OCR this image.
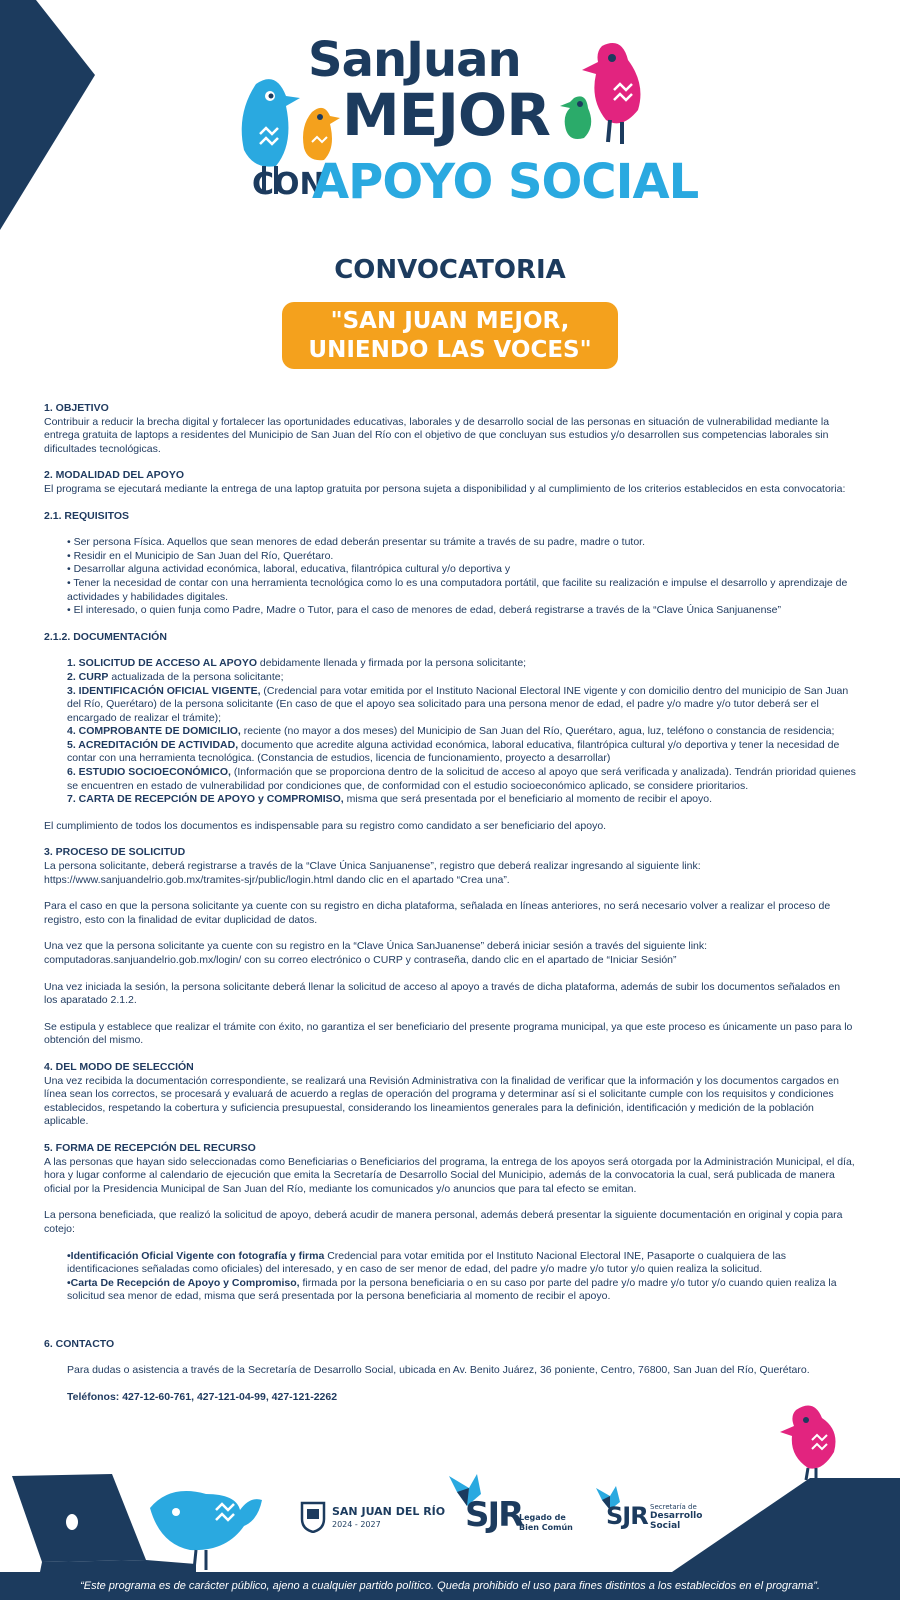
SanJuan
MEJOR
CON
APOYO SOCIAL
CONVOCATORIA
"SAN JUAN MEJOR,
UNIENDO LAS VOCES"

1. OBJETIVO

Contribuir a reducir la brecha digital y fortalecer las oportunidades educativas, laborales y de desarrollo social de las personas en situación de vulnerabilidad mediante la entrega gratuita de laptops a residentes del Municipio de San Juan del Río con el objetivo de que concluyan sus estudios y/o desarrollen sus competencias laborales sin dificultades tecnológicas.

2. MODALIDAD DEL APOYO

El programa se ejecutará mediante la entrega de una laptop gratuita por persona sujeta a disponibilidad y al cumplimiento de los criterios establecidos en esta convocatoria:

2.1. REQUISITOS

• Ser persona Física. Aquellos que sean menores de edad deberán presentar su trámite a través de su padre, madre o tutor.

• Residir en el Municipio de San Juan del Río, Querétaro.

• Desarrollar alguna actividad económica, laboral, educativa, filantrópica cultural y/o deportiva y

• Tener la necesidad de contar con una herramienta tecnológica como lo es una computadora portátil, que facilite su realización e impulse el desarrollo y aprendizaje de actividades y habilidades digitales.

• El interesado, o quien funja como Padre, Madre o Tutor, para el caso de menores de edad, deberá registrarse a través de la “Clave Única Sanjuanense”

2.1.2. DOCUMENTACIÓN

1. SOLICITUD DE ACCESO AL APOYO debidamente llenada y firmada por la persona solicitante;

2. CURP actualizada de la persona solicitante;

3. IDENTIFICACIÓN OFICIAL VIGENTE, (Credencial para votar emitida por el Instituto Nacional Electoral INE vigente y con domicilio dentro del municipio de San Juan del Río, Querétaro) de la persona solicitante (En caso de que el apoyo sea solicitado para una persona menor de edad, el padre y/o madre y/o tutor deberá ser el encargado de realizar el trámite);

4. COMPROBANTE DE DOMICILIO, reciente (no mayor a dos meses) del Municipio de San Juan del Río, Querétaro, agua, luz, teléfono o constancia de residencia;

5. ACREDITACIÓN DE ACTIVIDAD, documento que acredite alguna actividad económica, laboral educativa, filantrópica cultural y/o deportiva y tener la necesidad de contar con una herramienta tecnológica. (Constancia de estudios, licencia de funcionamiento, proyecto a desarrollar)

6. ESTUDIO SOCIOECONÓMICO, (Información que se proporciona dentro de la solicitud de acceso al apoyo que será verificada y analizada). Tendrán prioridad quienes se encuentren en estado de vulnerabilidad por condiciones que, de conformidad con el estudio socioeconómico aplicado, se considere prioritarios.

7. CARTA DE RECEPCIÓN DE APOYO y COMPROMISO, misma que será presentada por el beneficiario al momento de recibir el apoyo.

El cumplimiento de todos los documentos es indispensable para su registro como candidato a ser beneficiario del apoyo.

3. PROCESO DE SOLICITUD

La persona solicitante, deberá registrarse a través de la “Clave Única Sanjuanense”, registro que deberá realizar ingresando al siguiente link:

https://www.sanjuandelrio.gob.mx/tramites-sjr/public/login.html dando clic en el apartado “Crea una”.

Para el caso en que la persona solicitante ya cuente con su registro en dicha plataforma, señalada en líneas anteriores, no será necesario volver a realizar el proceso de registro, esto con la finalidad de evitar duplicidad de datos.

Una vez que la persona solicitante ya cuente con su registro en la “Clave Única SanJuanense” deberá iniciar sesión a través del siguiente link:

computadoras.sanjuandelrio.gob.mx/login/ con su correo electrónico o CURP y contraseña, dando clic en el apartado de “Iniciar Sesión”

Una vez iniciada la sesión, la persona solicitante deberá llenar la solicitud de acceso al apoyo a través de dicha plataforma, además de subir los documentos señalados en los aparatado 2.1.2.

Se estipula y establece que realizar el trámite con éxito, no garantiza el ser beneficiario del presente programa municipal, ya que este proceso es únicamente un paso para lo obtención del mismo.

4. DEL MODO DE SELECCIÓN

Una vez recibida la documentación correspondiente, se realizará una Revisión Administrativa con la finalidad de verificar que la información y los documentos cargados en línea sean los correctos, se procesará y evaluará de acuerdo a reglas de operación del programa y determinar así si el solicitante cumple con los requisitos y condiciones establecidos, respetando la cobertura y suficiencia presupuestal, considerando los lineamientos generales para la definición, identificación y medición de la población aplicable.

5. FORMA DE RECEPCIÓN DEL RECURSO

A las personas que hayan sido seleccionadas como Beneficiarias o Beneficiarios del programa, la entrega de los apoyos será otorgada por la Administración Municipal, el día, hora y lugar conforme al calendario de ejecución que emita la Secretaría de Desarrollo Social del Municipio, además de la convocatoria la cual, será publicada de manera oficial por la Presidencia Municipal de San Juan del Río, mediante los comunicados y/o anuncios que para tal efecto se emitan.

La persona beneficiada, que realizó la solicitud de apoyo, deberá acudir de manera personal, además deberá presentar la siguiente documentación en original y copia para cotejo:

•Identificación Oficial Vigente con fotografía y firma Credencial para votar emitida por el Instituto Nacional Electoral INE, Pasaporte o cualquiera de las identificaciones señaladas como oficiales) del interesado, y en caso de ser menor de edad, del padre y/o madre y/o tutor y/o quien realiza la solicitud.

•Carta De Recepción de Apoyo y Compromiso, firmada por la persona beneficiaria o en su caso por parte del padre y/o madre y/o tutor y/o cuando quien realiza la solicitud sea menor de edad, misma que será presentada por la persona beneficiaria al momento de recibir el apoyo.

6. CONTACTO

Para dudas o asistencia a través de la Secretaría de Desarrollo Social, ubicada en Av. Benito Juárez, 36 poniente, Centro, 76800, San Juan del Río, Querétaro.

Teléfonos: 427-12-60-761, 427-121-04-99, 427-121-2262

SAN JUAN DEL RÍO
2024 - 2027 SJR
Legado de
Bien Común SJR Secretaría de
Desarrollo
Social
“Este programa es de carácter público, ajeno a cualquier partido político. Queda prohibido el uso para fines distintos a los establecidos en el programa”.
